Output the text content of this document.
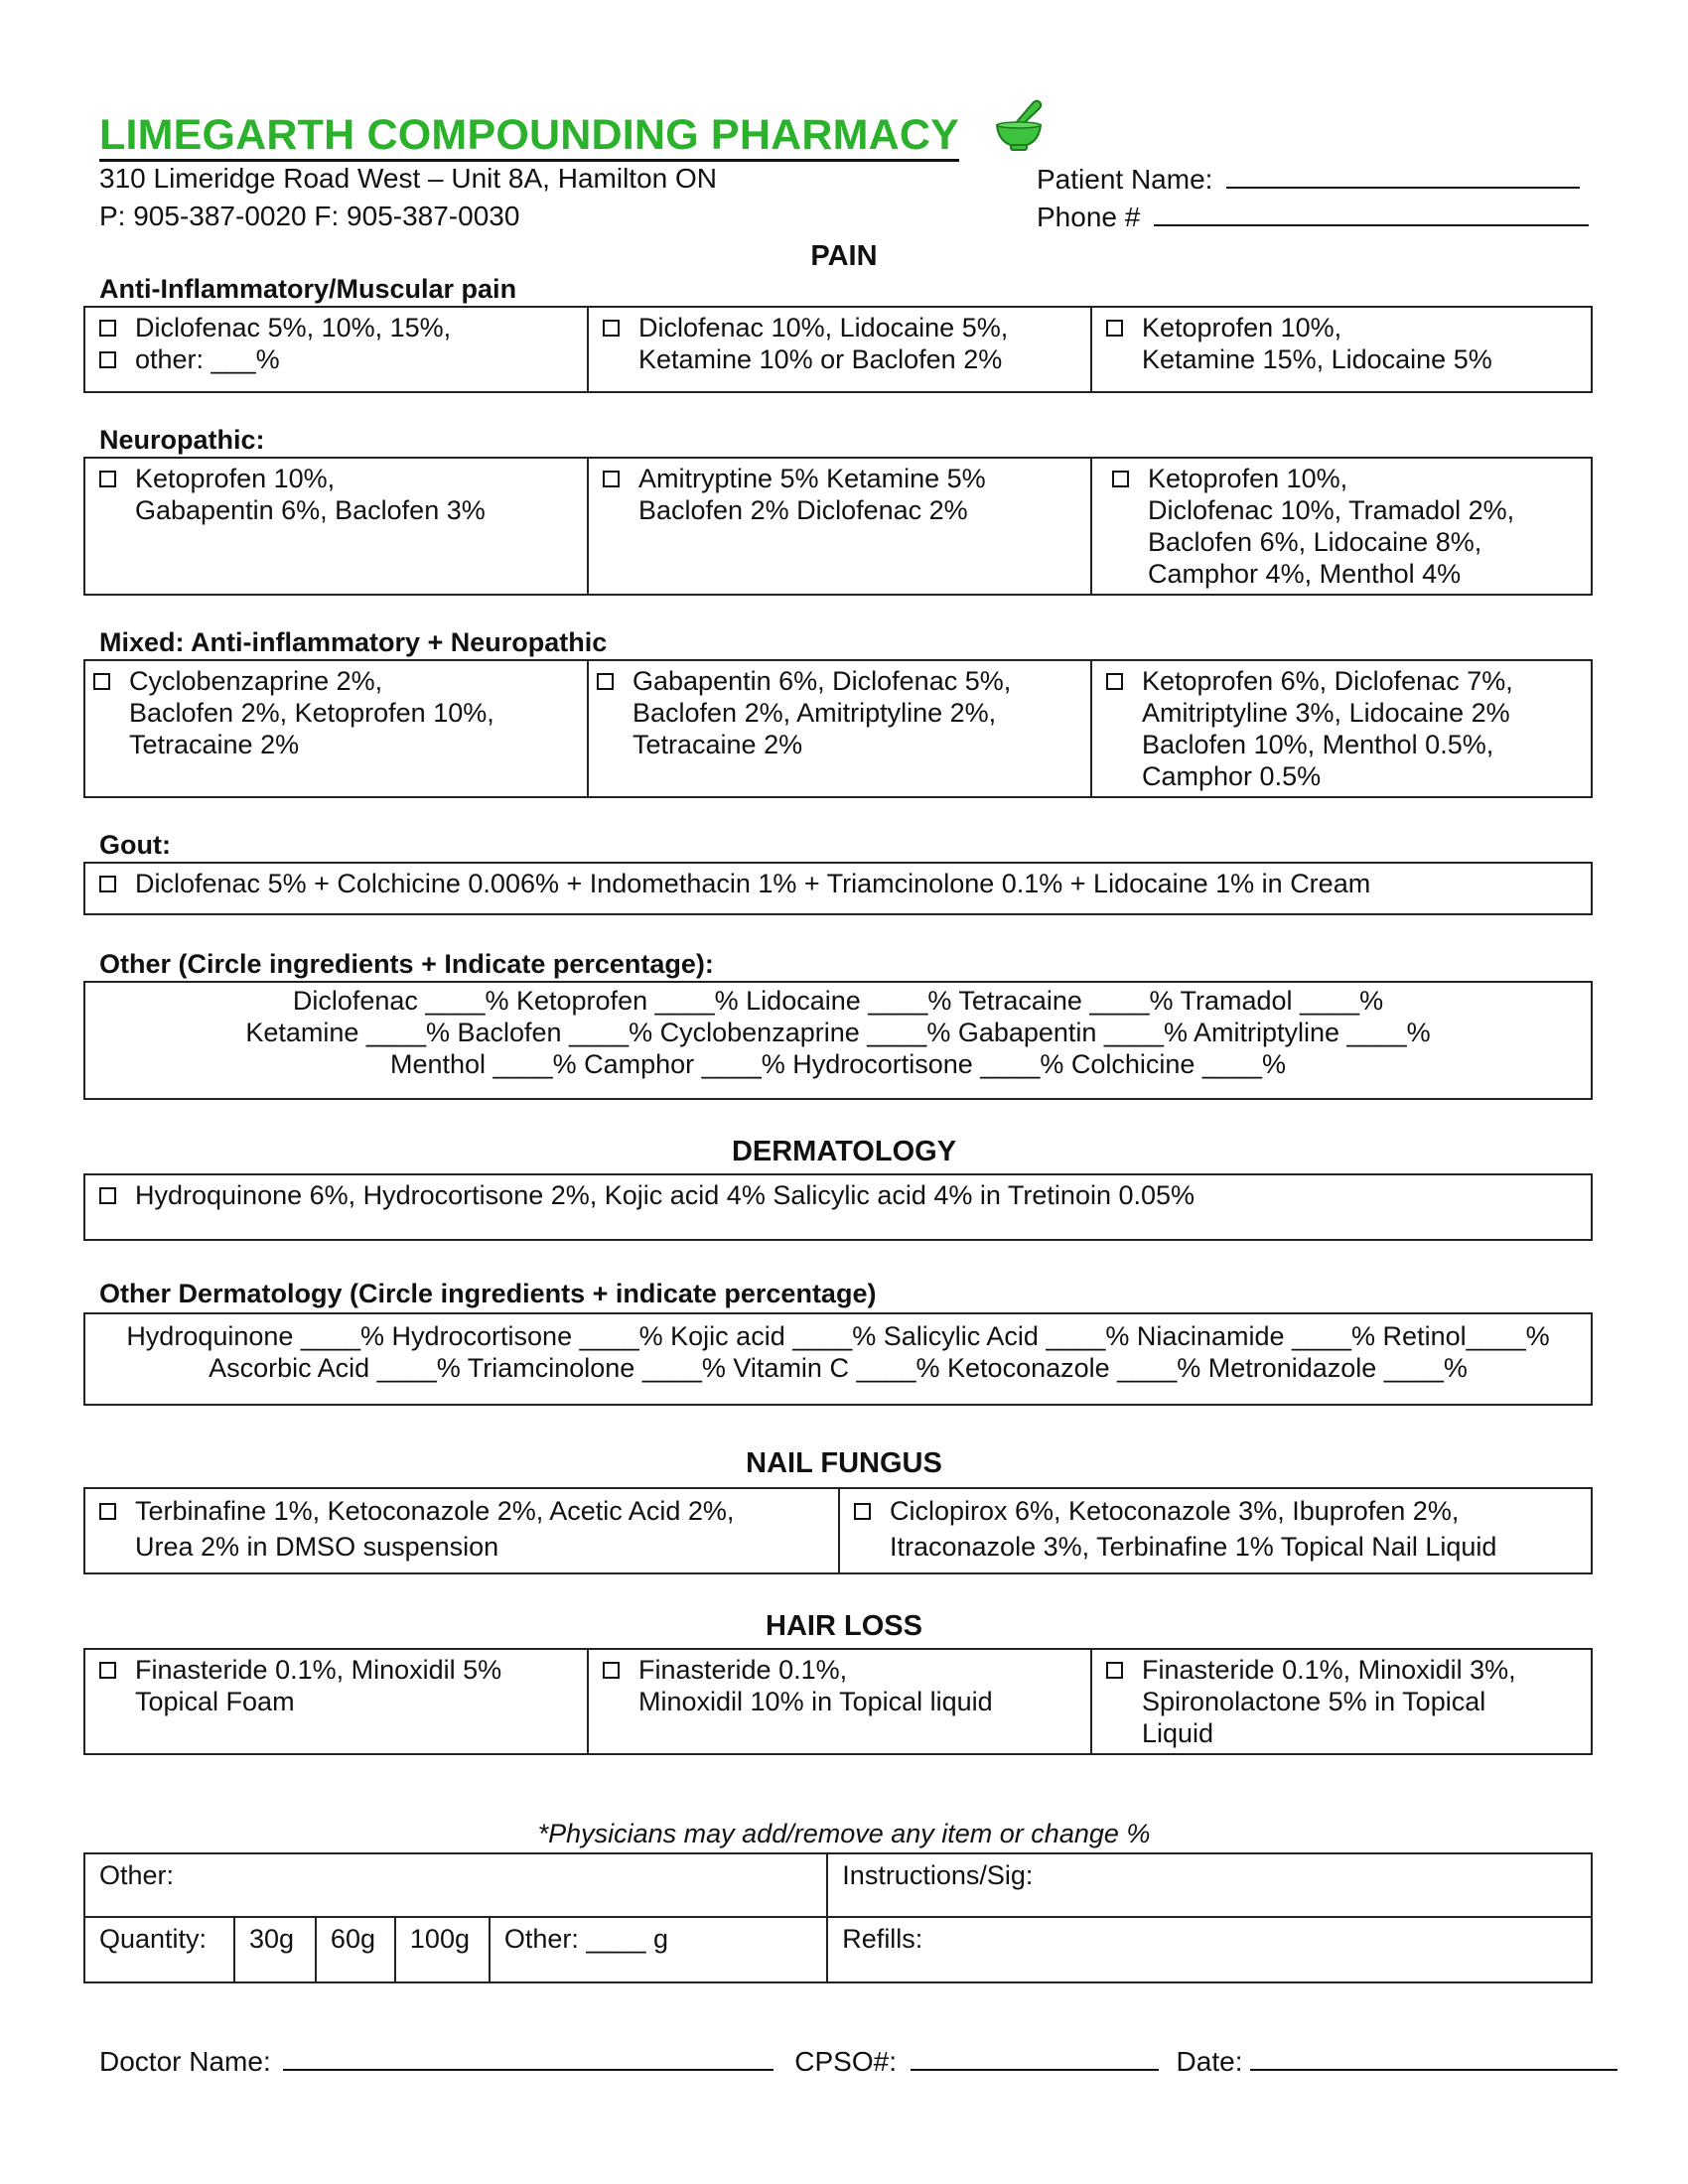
LIMEGARTH COMPOUNDING PHARMACY
310 Limeridge Road West – Unit 8A, Hamilton ON
P: 905-387-0020 F: 905-387-0030
Patient Name:
Phone #
PAIN
Anti-Inflammatory/Muscular pain
Diclofenac 5%, 10%, 15%,
other: ___%
Diclofenac 10%, Lidocaine 5%,
Ketamine 10% or Baclofen 2%
Ketoprofen 10%,
Ketamine 15%, Lidocaine 5%
Neuropathic:
Ketoprofen 10%,
Gabapentin 6%, Baclofen 3%
Amitryptine 5% Ketamine 5%
Baclofen 2% Diclofenac 2%
Ketoprofen 10%,
Diclofenac 10%, Tramadol 2%,
Baclofen 6%, Lidocaine 8%,
Camphor 4%, Menthol 4%
Mixed: Anti-inflammatory + Neuropathic
Cyclobenzaprine 2%,
Baclofen 2%, Ketoprofen 10%,
Tetracaine 2%
Gabapentin 6%, Diclofenac 5%,
Baclofen 2%, Amitriptyline 2%,
Tetracaine 2%
Ketoprofen 6%, Diclofenac 7%,
Amitriptyline 3%, Lidocaine 2%
Baclofen 10%, Menthol 0.5%,
Camphor 0.5%
Gout:
Diclofenac 5% + Colchicine 0.006% + Indomethacin 1% + Triamcinolone 0.1% + Lidocaine 1% in Cream
Other (Circle ingredients + Indicate percentage):
Diclofenac ____% Ketoprofen ____% Lidocaine ____% Tetracaine ____% Tramadol ____%
Ketamine ____% Baclofen ____% Cyclobenzaprine ____% Gabapentin ____% Amitriptyline ____%
Menthol ____% Camphor ____% Hydrocortisone ____% Colchicine ____%
DERMATOLOGY
Hydroquinone 6%, Hydrocortisone 2%, Kojic acid 4% Salicylic acid 4% in Tretinoin 0.05%
Other Dermatology (Circle ingredients + indicate percentage)
Hydroquinone ____% Hydrocortisone ____% Kojic acid ____% Salicylic Acid ____% Niacinamide ____% Retinol____%
Ascorbic Acid ____% Triamcinolone ____% Vitamin C ____% Ketoconazole ____% Metronidazole ____%
NAIL FUNGUS
Terbinafine 1%, Ketoconazole 2%, Acetic Acid 2%,
Urea 2% in DMSO suspension
Ciclopirox 6%, Ketoconazole 3%, Ibuprofen 2%,
Itraconazole 3%, Terbinafine 1% Topical Nail Liquid
HAIR LOSS
Finasteride 0.1%, Minoxidil 5%
Topical Foam
Finasteride 0.1%,
Minoxidil 10% in Topical liquid
Finasteride 0.1%, Minoxidil 3%,
Spironolactone 5% in Topical
Liquid
*Physicians may add/remove any item or change %
Other:					Instructions/Sig:
Quantity:	30g	60g	100g	Other: ____ g	Refills:
Doctor Name:	CPSO#:	Date:
